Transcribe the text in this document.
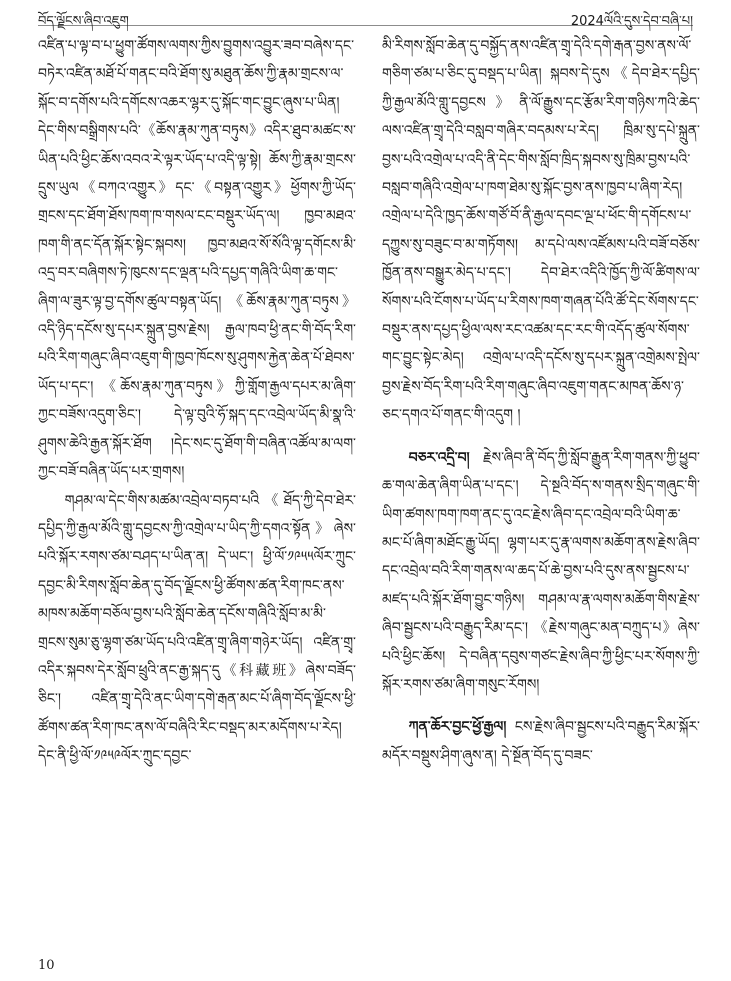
བོད་ལྗོངས་ཞིབ་འཇུག	2024ལོའི་དུས་དེབ་བཞི་པ།

འཛིན་པ་ལྟ་བ་པ་ཕྱུག་ཚོགས་ལགས་ཀྱིས་བྱུགས་འབྱུར་ཟབ་བཞེས་དང་བཏེར་འཛིན་མཐོ་པོ་གནང་བའི་ཐོག་སུ་མཐུན་ཆོས་ཀྱི་རྣམ་གྲངས་ལ་སྐོང་བ་དགོས་པའི་དགོངས་འཆར་ལྷར་དུ་སྐོང་གང་བྱུང་ཞུས་པ་ཡིན། དེང་གིས་བསྒྲིགས་པའི་《ཆོས་རྣམ་ཀུན་བཏུས》འདིར་ཐུབ་མཚང་ས་ཡིན་པའི་ཕྱིང་ཆོས་འབའ་རེ་ལྟར་ཡོད་པ་འདི་ལྟ་སྟེ། ཆོས་ཀྱི་རྣམ་གྲངས་དྲུས་ཡུལ《བཀའ་འགྱུར》དང་《བསྟན་འགྱུར》ཕྱོགས་ཀྱི་ཡོད་གྲངས་དང་ཐོག་ཐོས་ཁག་ཁ་གསལ་ངང་བསྡུར་ཡོད་ལ། ཁྱབ་མཐའ་ཁག་གི་ནང་དོན་སྐོར་སྟེང་སྐབས། ཁྱབ་མཐའ་སོ་སོའི་ལྟ་དགོངས་མི་འདྲ་བར་བཞིགས་ཏེ་ཁུངས་དང་ལྡན་པའི་དཔྱད་གཞིའི་ཡིག་ཆ་གང་ཞིག་ལ་ཟུར་ལྟ་བྱ་དགོས་ཚུལ་བསྟན་ཡོད། 《ཆོས་རྣམ་ཀུན་བཏུས》འདི་ཉིད་དངོས་སུ་དཔར་སྐྲུན་བྱས་རྗེས། རྒྱལ་ཁབ་ཕྱི་ནང་གི་བོད་རིག་པའི་རིག་གཞུང་ཞིབ་འཇུག་གི་ཁྱབ་ཁོངས་སུ་ཤུགས་རྐྱེན་ཆེན་པོ་ཐེབས་ཡོད་པ་དང་། 《ཆོས་རྣམ་ཀུན་བཏུས》ཀྱི་གློག་རྒྱལ་དཔར་མ་ཞིག་ཀྱང་བཟོས་འདུག་ཅིང་། དེ་ལྟ་བུའི་ཧོ་སྐད་དང་འབྲེལ་ཡོད་མི་སྣ་འི་ཤུགས་ཆེའི་རྒྱན་སྐོར་ཐོག །དེང་སང་དུ་ཐོག་གི་བཞིན་འཚོལ་མ་ལག་ཀྱང་བཟོ་བཞིན་ཡོད་པར་གྲགས།

གཤམ་ལ་དེང་གིས་མཚམ་འབྲེལ་བཏབ་པའི《ཐོད་ཀྱི་དེབ་ཐེར་དཔྱིད་ཀྱི་རྒྱལ་མོའི་གླུ་དབྱངས་ཀྱི་འགྲེལ་པ་ཡིད་ཀྱི་དགའ་སྟོན》ཞེས་པའི་སྐོར་རགས་ཙམ་བཤད་པ་ཡིན་ན། དེ་ཡང་། ཕྱི་ལོ་༡༩༥༥ལོར་ཀྲུང་དབྱང་མི་རིགས་སློབ་ཆེན་དུ་བོད་ལྗོངས་ཕྱི་ཚོགས་ཚན་རིག་ཁང་ནས་མཁས་མཆོག་བཅོལ་བྱས་པའི་སློབ་ཆེན་དངོས་གཞིའི་སློབ་མ་མི་གྲངས་སུམ་ཅུ་ལྷག་ཙམ་ཡོད་པའི་འཛིན་གྲྭ་ཞིག་གཉེར་ཡོད། འཛིན་གྲྭ་འདིར་སྐབས་དེར་སློབ་ཕྲུའི་ནང་རྒྱ་སྐད་དུ《科藏班》ཞེས་བཟོད་ཅིང་། འཛིན་གྲྭ་དེའི་ནང་ཡིག་དགེ་རྒན་མང་པོ་ཞིག་བོད་ལྗོངས་ཕྱི་ཚོགས་ཚན་རིག་ཁང་ནས་ལོ་བཞིའི་རིང་བསྡད་མར་མདོགས་པ་རེད། དེང་ནི་ཕྱི་ལོ་༡༩༥༩ལོར་ཀྲུང་དབྱང་

མི་རིགས་སློབ་ཆེན་དུ་བསྐྱོད་ནས་འཛིན་གྲྭ་དེའི་དགེ་རྒན་བྱས་ནས་ལོ་གཅིག་ཙམ་པ་ཅིང་དུ་བསྡད་པ་ཡིན། སྐབས་དེ་དུས《དེབ་ཐེར་དཔྱིད་ཀྱི་རྒྱལ་མོའི་གླུ་དབྱངས》ནི་ལོ་རྒྱུས་དང་རྩོམ་རིག་གཉིས་ཀའི་ཆེད་ལས་འཛིན་གྲྭ་དེའི་བསླབ་གཞིར་བདམས་པ་རེད། ཁྲིམ་སུ་དཔེ་སྐྲུན་བྱས་པའི་འགྲེལ་པ་འདི་ནི་དེང་གིས་སློབ་ཁྲིད་སྐབས་སུ་ཁྲིམ་བྱས་པའི་བསླབ་གཞིའི་འགྲེལ་པ་ཁག་ཐེམ་སུ་སྐོང་བྱས་ནས་ཁྱབ་པ་ཞིག་རེད། འགྲེལ་པ་དེའི་ཁྱད་ཆོས་གཙོ་བོ་ནི་རྒྱལ་དབང་ལྔ་པ་ཕོང་གི་དགོངས་པ་དཀྱུས་སུ་བཟུང་བ་མ་གཏོགས། མ་དཔེ་ལས་འཛོམས་པའི་བཟོ་བཅོས་ཁྱོན་ནས་བསྒྱུར་མེད་པ་དང་། དེབ་ཐེར་འདིའི་ཁྱོད་ཀྱི་ལོ་ཚིགས་ལ་སོགས་པའི་ངོགས་པ་ཡོད་པ་རིགས་ཁག་གཞན་པོའི་ཚོ་དེང་སོགས་དང་བསྡུར་ནས་དཔྱད་ཕྱིལ་ལས་རང་འཚམ་དང་རང་གི་འདོད་ཚུལ་སོགས་གང་བྱུང་སྟེང་མེད། འགྲེལ་པ་འདི་དངོས་སུ་དཔར་སྐྲུན་འགྲེམས་སྤེལ་བྱས་རྗེས་བོད་རིག་པའི་རིག་གཞུང་ཞིབ་འཇུག་གནང་མཁན་ཆོས་ཉ་ཅང་དགའ་པོ་གནང་གི་འདུག །

བཅར་འདྲི་བ། རྗེས་ཞིབ་ནི་བོད་ཀྱི་སློབ་རྒྱུན་རིག་གནས་ཀྱི་ཕྱུབ་ཆ་གལ་ཆེན་ཞིག་ཡིན་པ་དང་། དེ་སྔའི་བོད་ས་གནས་སྲིད་གཞུང་གི་ཡིག་ཚགས་ཁག་ཁག་ནང་དུ་འང་རྗེས་ཞིབ་དང་འབྲེལ་བའི་ཡིག་ཆ་མང་པོ་ཞིག་མཐོང་རྒྱུ་ཡོད། ལྷག་པར་དུ་རྣ་ལགས་མཆོག་ནས་རྗེས་ཞིབ་དང་འབྲེལ་བའི་རིག་གནས་ལ་ཆད་པོ་ཆེ་བྱས་པའི་དུས་ནས་སྦྱངས་པ་མཛད་པའི་སྐོར་ཐོག་བྱུང་གཉིས། གཤམ་ལ་རྣ་ལགས་མཆོག་གིས་རྗེས་ཞིབ་སྦྱངས་པའི་བརྒྱུད་རིམ་དང་། 《རྗེས་གཞུང་མན་བཀྲུད་པ》ཞེས་པའི་ཕྱིང་ཆོས། དེ་བཞིན་དབུས་གཙང་རྗེས་ཞིབ་ཀྱི་ཕྱིང་པར་སོགས་ཀྱི་སྐོར་རགས་ཙམ་ཞིག་གསུང་རོགས།

ཀན་ཆོར་བྱང་ཕྱོ་རྒྱལ། ངས་རྗེས་ཞིབ་སྦྱངས་པའི་བརྒྱུད་རིམ་སྐོར་མདོར་བསྡུས་ཤིག་ཞུས་ན། དེ་སྔོན་བོད་དུ་བཟང་

10
